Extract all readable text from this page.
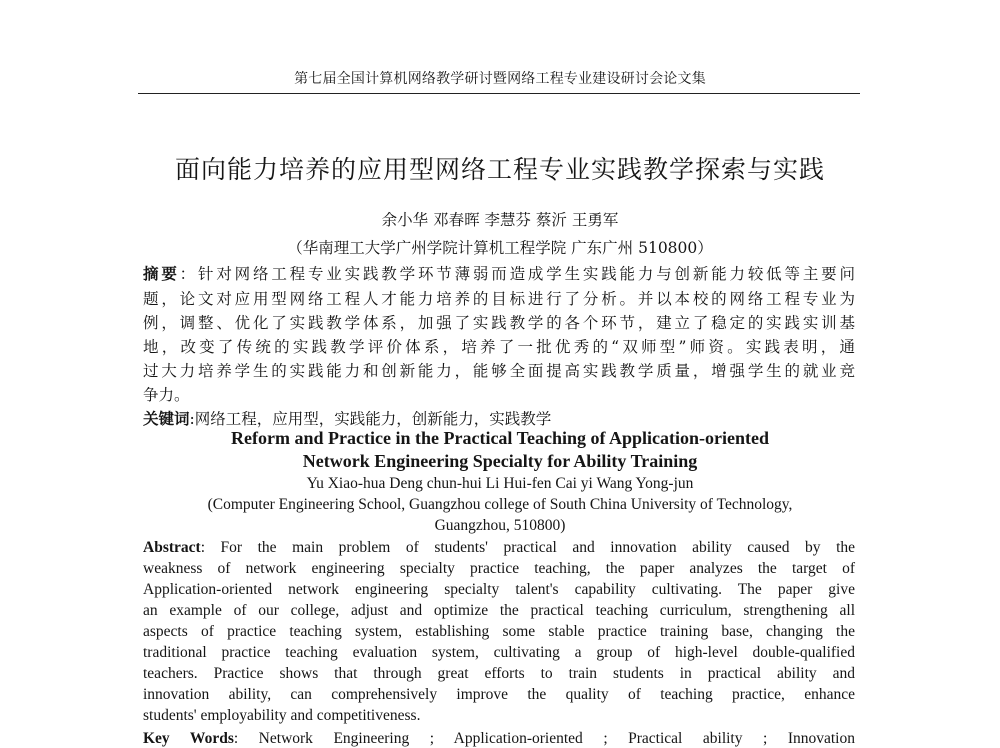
第七届全国计算机网络教学研讨暨网络工程专业建设研讨会论文集
面向能力培养的应用型网络工程专业实践教学探索与实践
余小华 邓春晖 李慧芬 蔡沂 王勇军
（华南理工大学广州学院计算机工程学院 广东广州 510800）
摘要：针对网络工程专业实践教学环节薄弱而造成学生实践能力与创新能力较低等主要问
题，论文对应用型网络工程人才能力培养的目标进行了分析。并以本校的网络工程专业为
例，调整、优化了实践教学体系，加强了实践教学的各个环节，建立了稳定的实践实训基
地，改变了传统的实践教学评价体系，培养了一批优秀的“双师型”师资。实践表明，通
过大力培养学生的实践能力和创新能力，能够全面提高实践教学质量，增强学生的就业竞
争力。
关键词:网络工程，应用型，实践能力，创新能力，实践教学
Reform and Practice in the Practical Teaching of Application-oriented
Network Engineering Specialty for Ability Training
Yu Xiao-hua Deng chun-hui Li Hui-fen Cai yi Wang Yong-jun
(Computer Engineering School, Guangzhou college of South China University of Technology,
Guangzhou, 510800)
Abstract: For the main problem of students' practical and innovation ability caused by the
weakness of network engineering specialty practice teaching, the paper analyzes the target of
Application-oriented network engineering specialty talent's capability cultivating. The paper give
an example of our college, adjust and optimize the practical teaching curriculum, strengthening all
aspects of practice teaching system, establishing some stable practice training base, changing the
traditional practice teaching evaluation system, cultivating a group of high-level double-qualified
teachers. Practice shows that through great efforts to train students in practical ability and
innovation ability, can comprehensively improve the quality of teaching practice, enhance
students' employability and competitiveness.
Key Words: Network Engineering ; Application-oriented ; Practical ability ; Innovation
